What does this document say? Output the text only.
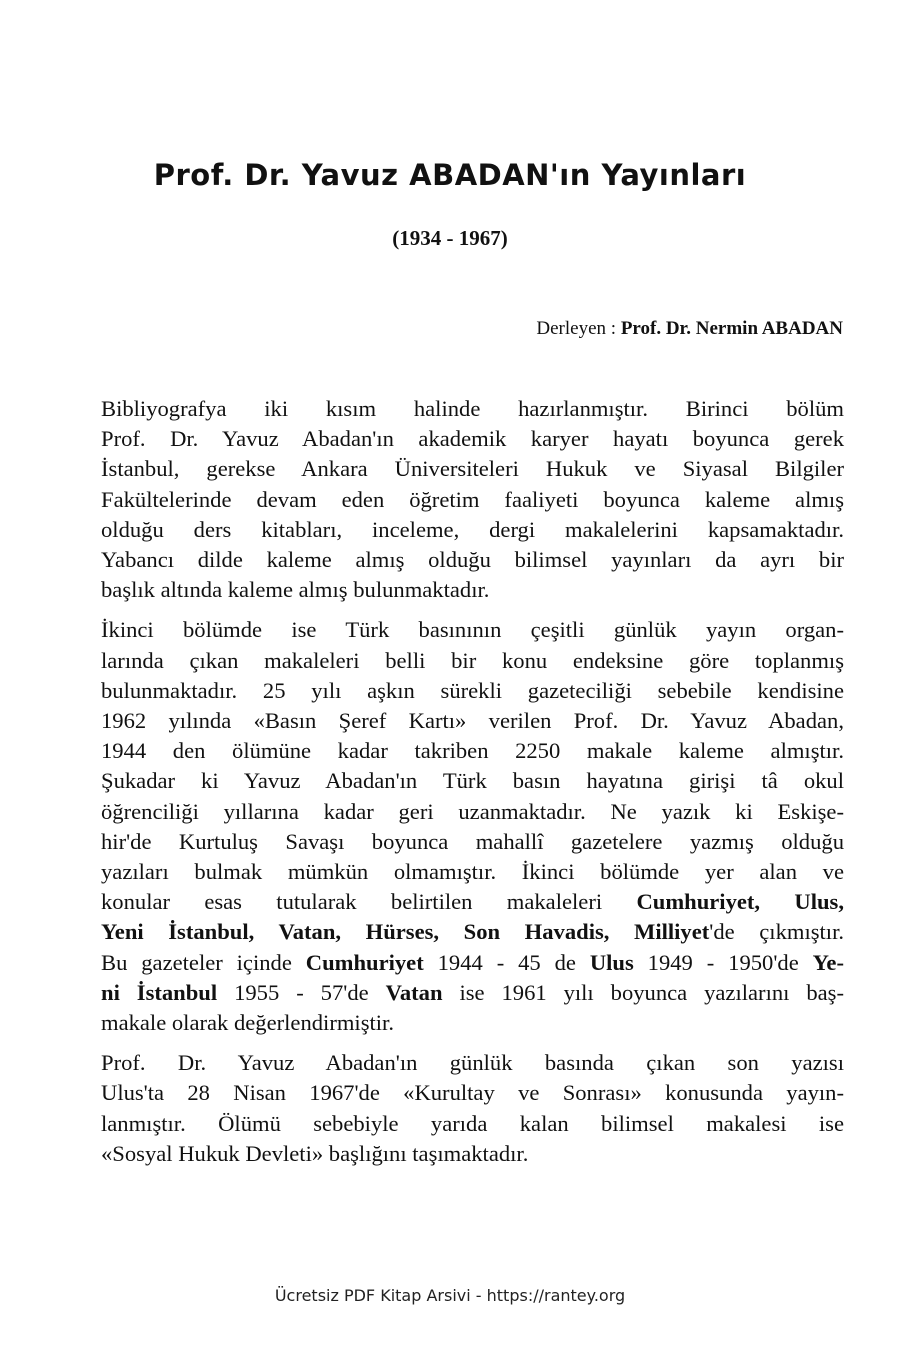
Prof. Dr. Yavuz ABADAN'ın Yayınları
(1934 - 1967)
Derleyen : Prof. Dr. Nermin ABADAN

Bibliyografya iki kısım halinde hazırlanmıştır. Birinci bölüm
Prof. Dr. Yavuz Abadan'ın akademik karyer hayatı boyunca gerek
İstanbul, gerekse Ankara Üniversiteleri Hukuk ve Siyasal Bilgiler
Fakültelerinde devam eden öğretim faaliyeti boyunca kaleme almış
olduğu ders kitabları, inceleme, dergi makalelerini kapsamaktadır.
Yabancı dilde kaleme almış olduğu bilimsel yayınları da ayrı bir
başlık altında kaleme almış bulunmaktadır.

İkinci bölümde ise Türk basınının çeşitli günlük yayın organ-
larında çıkan makaleleri belli bir konu endeksine göre toplanmış
bulunmaktadır. 25 yılı aşkın sürekli gazeteciliği sebebile kendisine
1962 yılında «Basın Şeref Kartı» verilen Prof. Dr. Yavuz Abadan,
1944 den ölümüne kadar takriben 2250 makale kaleme almıştır.
Şukadar ki Yavuz Abadan'ın Türk basın hayatına girişi tâ okul
öğrenciliği yıllarına kadar geri uzanmaktadır. Ne yazık ki Eskişe-
hir'de Kurtuluş Savaşı boyunca mahallî gazetelere yazmış olduğu
yazıları bulmak mümkün olmamıştır. İkinci bölümde yer alan ve
konular esas tutularak belirtilen makaleleri Cumhuriyet, Ulus,
Yeni İstanbul, Vatan, Hürses, Son Havadis, Milliyet'de çıkmıştır.
Bu gazeteler içinde Cumhuriyet 1944 - 45 de Ulus 1949 - 1950'de Ye-
ni İstanbul 1955 - 57'de Vatan ise 1961 yılı boyunca yazılarını baş-
makale olarak değerlendirmiştir.

Prof. Dr. Yavuz Abadan'ın günlük basında çıkan son yazısı
Ulus'ta 28 Nisan 1967'de «Kurultay ve Sonrası» konusunda yayın-
lanmıştır. Ölümü sebebiyle yarıda kalan bilimsel makalesi ise
«Sosyal Hukuk Devleti» başlığını taşımaktadır.

Ücretsiz PDF Kitap Arsivi - https://rantey.org
